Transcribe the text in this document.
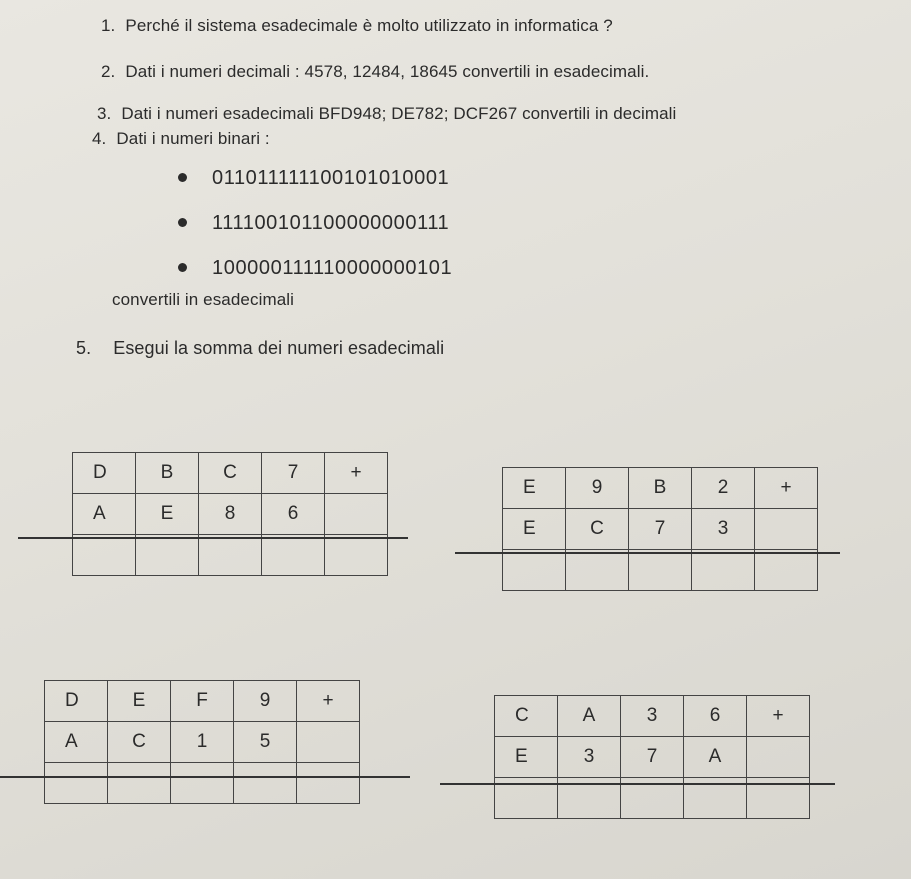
1. Perché il sistema esadecimale è molto utilizzato in informatica ?
2. Dati i numeri decimali : 4578, 12484, 18645 convertili in esadecimali.
3. Dati i numeri esadecimali BFD948; DE782; DCF267 convertili in decimali
4. Dati i numeri binari :
011011111100101010001
111100101100000000111
100000111110000000101
convertili in esadecimali
5. Esegui la somma dei numeri esadecimali
D	B	C	7	+
A	E	8	6	

E	9	B	2	+
E	C	7	3	

D	E	F	9	+
A	C	1	5	

C	A	3	6	+
E	3	7	A	
